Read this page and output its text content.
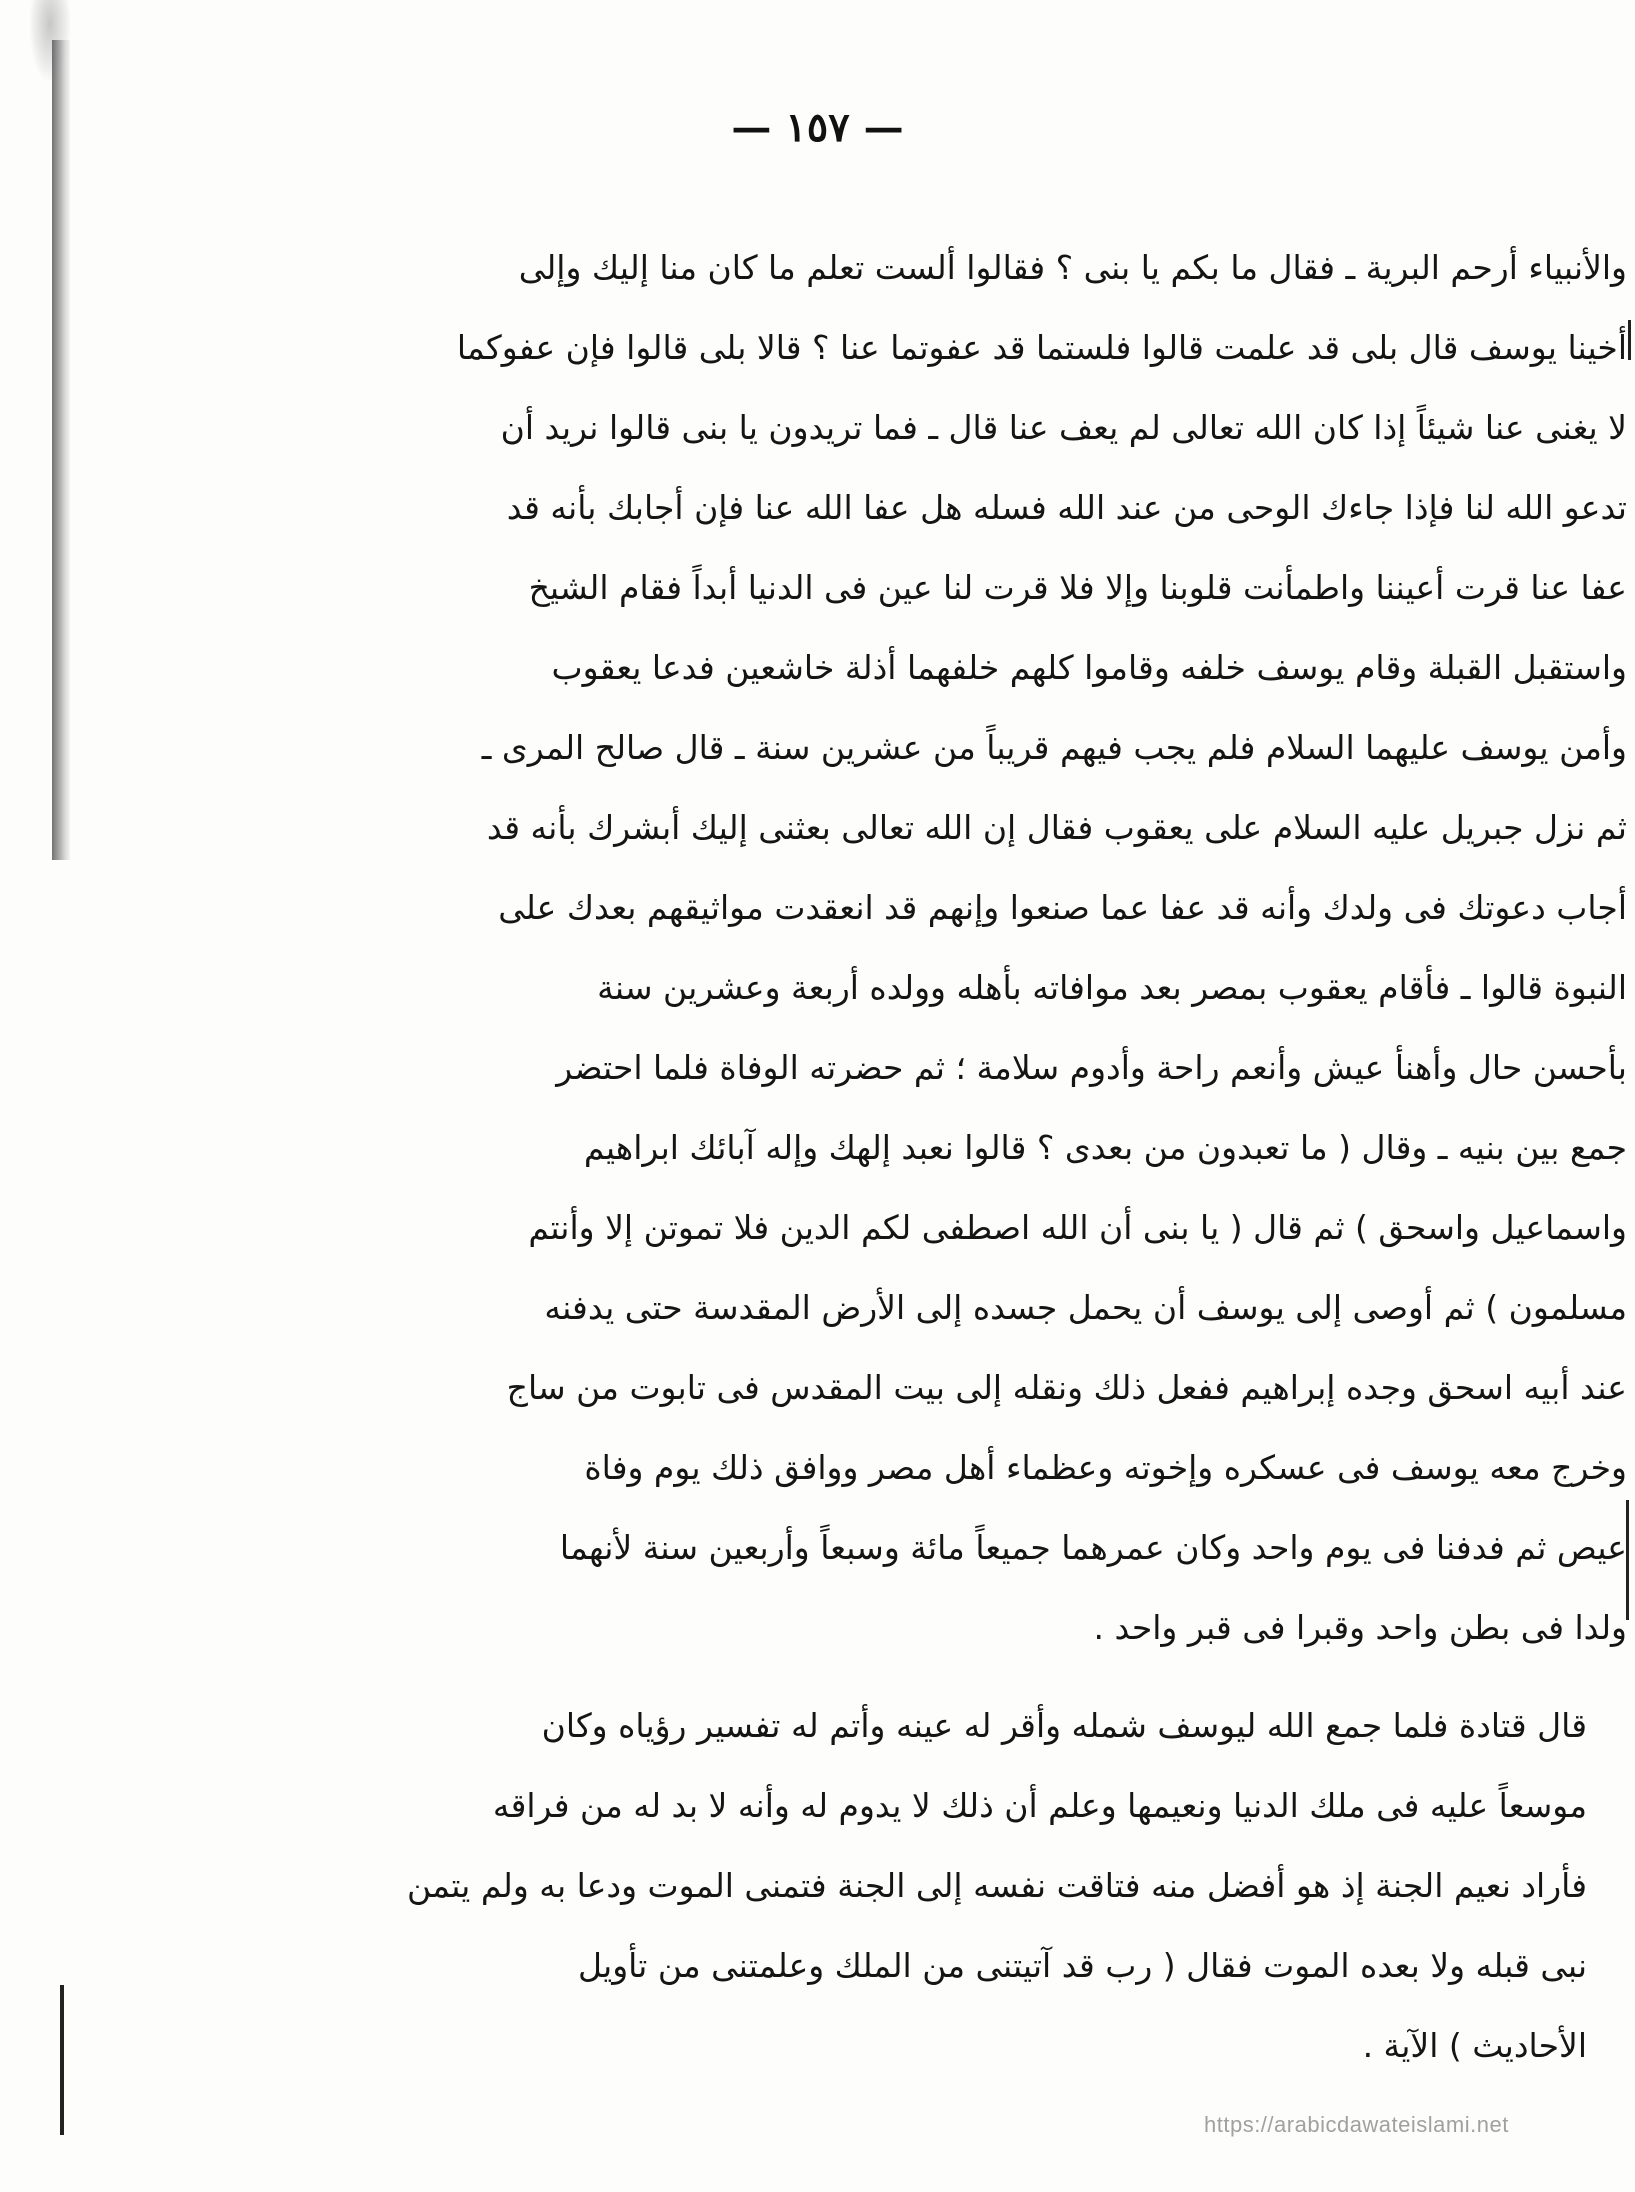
— ١٥٧ —
والأنبياء أرحم البرية ـ فقال ما بكم يا بنى ؟ فقالوا ألست تعلم ما كان منا إليك وإلى
أخينا يوسف قال بلى قد علمت قالوا فلستما قد عفوتما عنا ؟ قالا بلى قالوا فإن عفوكما
لا يغنى عنا شيئاً إذا كان الله تعالى لم يعف عنا قال ـ فما تريدون يا بنى قالوا نريد أن
تدعو الله لنا فإذا جاءك الوحى من عند الله فسله هل عفا الله عنا فإن أجابك بأنه قد
عفا عنا قرت أعيننا واطمأنت قلوبنا وإلا فلا قرت لنا عين فى الدنيا أبداً فقام الشيخ
واستقبل القبلة وقام يوسف خلفه وقاموا كلهم خلفهما أذلة خاشعين فدعا يعقوب
وأمن يوسف عليهما السلام فلم يجب فيهم قريباً من عشرين سنة ـ قال صالح المرى ـ
ثم نزل جبريل عليه السلام على يعقوب فقال إن الله تعالى بعثنى إليك أبشرك بأنه قد
أجاب دعوتك فى ولدك وأنه قد عفا عما صنعوا وإنهم قد انعقدت مواثيقهم بعدك على
النبوة قالوا ـ فأقام يعقوب بمصر بعد موافاته بأهله وولده أربعة وعشرين سنة
بأحسن حال وأهنأ عيش وأنعم راحة وأدوم سلامة ؛ ثم حضرته الوفاة فلما احتضر
جمع بين بنيه ـ وقال ( ما تعبدون من بعدى ؟ قالوا نعبد إلهك وإله آبائك ابراهيم
واسماعيل واسحق ) ثم قال ( يا بنى أن الله اصطفى لكم الدين فلا تموتن إلا وأنتم
مسلمون ) ثم أوصى إلى يوسف أن يحمل جسده إلى الأرض المقدسة حتى يدفنه
عند أبيه اسحق وجده إبراهيم ففعل ذلك ونقله إلى بيت المقدس فى تابوت من ساج
وخرج معه يوسف فى عسكره وإخوته وعظماء أهل مصر ووافق ذلك يوم وفاة
عيص ثم فدفنا فى يوم واحد وكان عمرهما جميعاً مائة وسبعاً وأربعين سنة لأنهما
ولدا فى بطن واحد وقبرا فى قبر واحد .
قال قتادة فلما جمع الله ليوسف شمله وأقر له عينه وأتم له تفسير رؤياه وكان
موسعاً عليه فى ملك الدنيا ونعيمها وعلم أن ذلك لا يدوم له وأنه لا بد له من فراقه
فأراد نعيم الجنة إذ هو أفضل منه فتاقت نفسه إلى الجنة فتمنى الموت ودعا به ولم يتمن
نبى قبله ولا بعده الموت فقال ( رب قد آتيتنى من الملك وعلمتنى من تأويل
الأحاديث ) الآية .
https://arabicdawateislami.net
